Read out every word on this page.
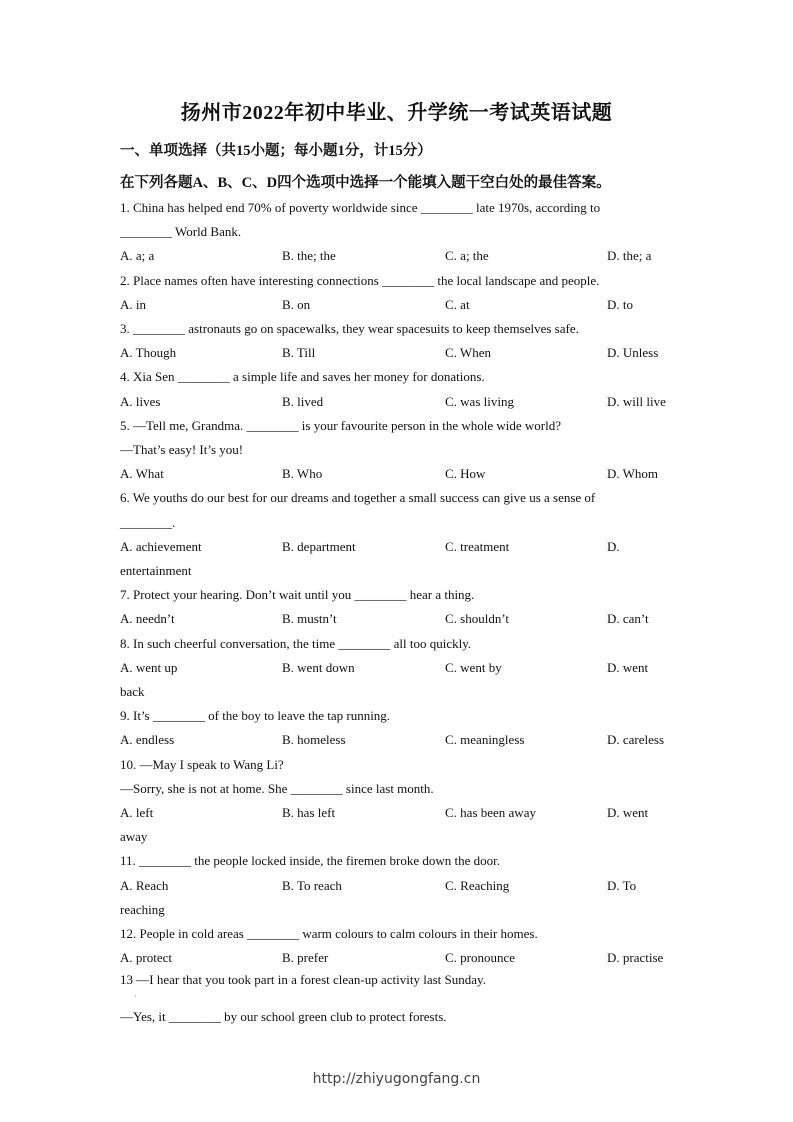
扬州市2022年初中毕业、升学统一考试英语试题
一、单项选择（共15小题；每小题1分，计15分）
在下列各题A、B、C、D四个选项中选择一个能填入题干空白处的最佳答案。
1. China has helped end 70% of poverty worldwide since ________ late 1970s, according to
________ World Bank.
A. a; a	B. the; the	C. a; the	D. the; a
2. Place names often have interesting connections ________ the local landscape and people.
A. in	B. on	C. at	D. to
3. ________ astronauts go on spacewalks, they wear spacesuits to keep themselves safe.
A. Though	B. Till	C. When	D. Unless
4. Xia Sen ________ a simple life and saves her money for donations.
A. lives	B. lived	C. was living	D. will live
5. —Tell me, Grandma. ________ is your favourite person in the whole wide world?
—That’s easy! It’s you!
A. What	B. Who	C. How	D. Whom
6. We youths do our best for our dreams and together a small success can give us a sense of
________.
A. achievement	B. department	C. treatment	D.
entertainment
7. Protect your hearing. Don’t wait until you ________ hear a thing.
A. needn’t	B. mustn’t	C. shouldn’t	D. can’t
8. In such cheerful conversation, the time ________ all too quickly.
A. went up	B. went down	C. went by	D. went
back
9. It’s ________ of the boy to leave the tap running.
A. endless	B. homeless	C. meaningless	D. careless
10. —May I speak to Wang Li?
—Sorry, she is not at home. She ________ since last month.
A. left	B. has left	C. has been away	D. went
away
11. ________ the people locked inside, the firemen broke down the door.
A. Reach	B. To reach	C. Reaching	D. To
reaching
12. People in cold areas ________ warm colours to calm colours in their homes.
A. protect	B. prefer	C. pronounce	D. practise
13 —I hear that you took part in a forest clean-up activity last Sunday.
·
—Yes, it ________ by our school green club to protect forests.
http://zhiyugongfang.cn
